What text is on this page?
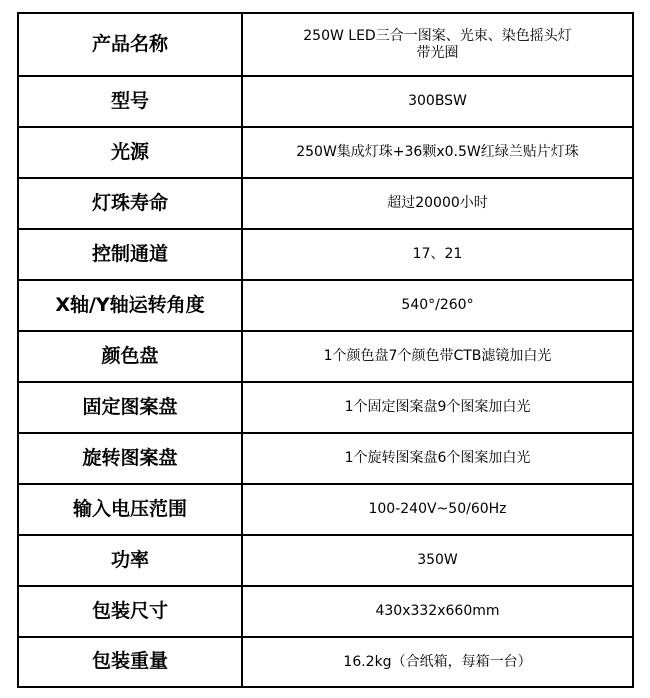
产品名称	250W LED三合一图案、光束、染色摇头灯
带光圈
型号	300BSW
光源	250W集成灯珠+36颗x0.5W红绿兰贴片灯珠
灯珠寿命	超过20000小时
控制通道	17、21
X轴/Y轴运转角度	540°/260°
颜色盘	1个颜色盘7个颜色带CTB滤镜加白光
固定图案盘	1个固定图案盘9个图案加白光
旋转图案盘	1个旋转图案盘6个图案加白光
输入电压范围	100-240V~50/60Hz
功率	350W
包装尺寸	430x332x660mm
包装重量	16.2kg（合纸箱，每箱一台）
